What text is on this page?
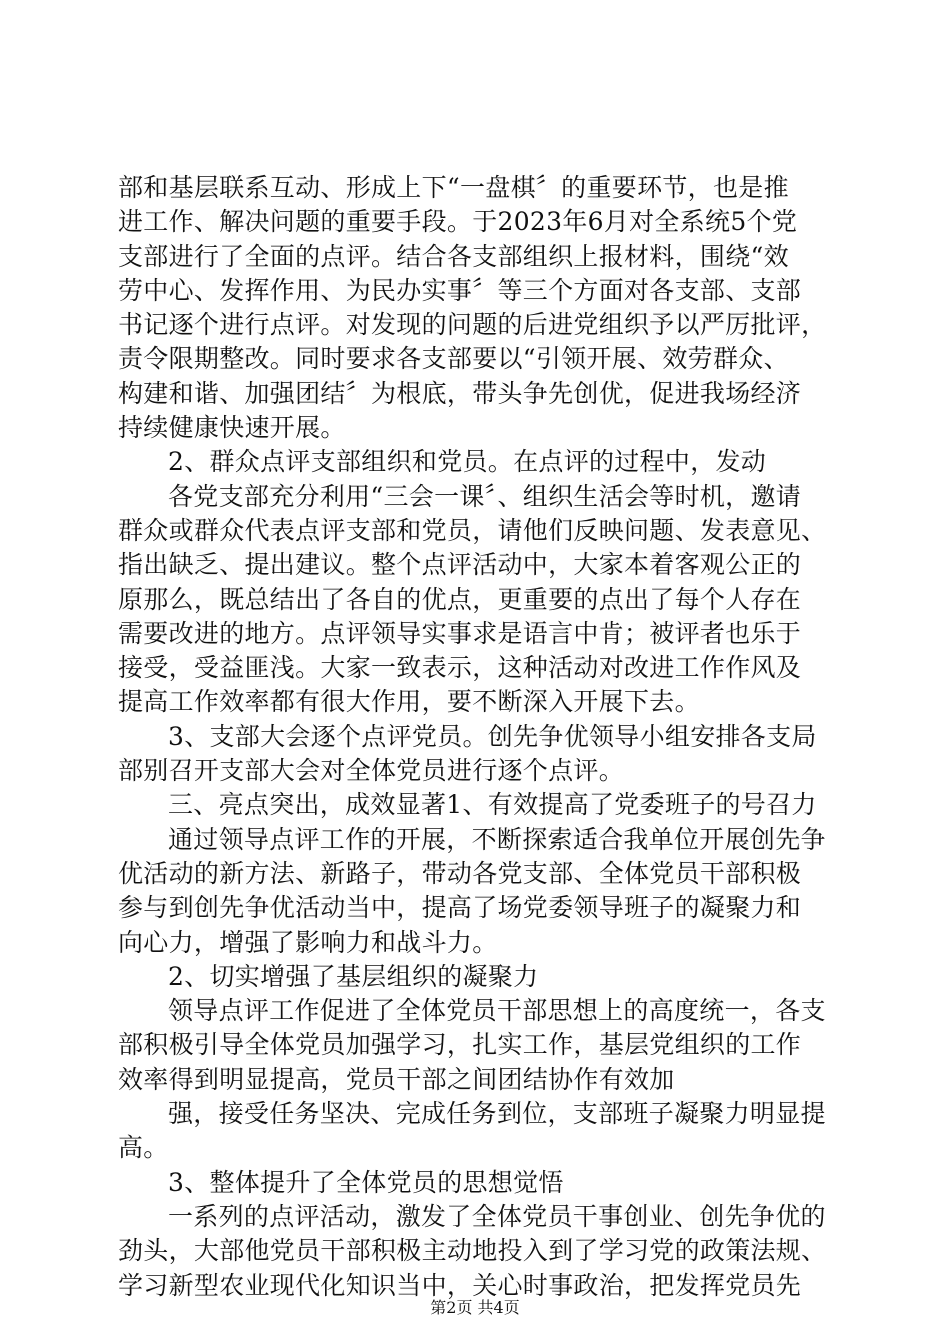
部和基层联系互动、形成上下“一盘棋〞的重要环节，也是推
进工作、解决问题的重要手段。于2023年6月对全系统5个党
支部进行了全面的点评。结合各支部组织上报材料，围绕“效
劳中心、发挥作用、为民办实事〞等三个方面对各支部、支部
书记逐个进行点评。对发现的问题的后进党组织予以严厉批评，
责令限期整改。同时要求各支部要以“引领开展、效劳群众、
构建和谐、加强团结〞为根底，带头争先创优，促进我场经济
持续健康快速开展。
2、群众点评支部组织和党员。在点评的过程中，发动
各党支部充分利用“三会一课〞、组织生活会等时机，邀请
群众或群众代表点评支部和党员，请他们反映问题、发表意见、
指出缺乏、提出建议。整个点评活动中，大家本着客观公正的
原那么，既总结出了各自的优点，更重要的点出了每个人存在
需要改进的地方。点评领导实事求是语言中肯；被评者也乐于
接受，受益匪浅。大家一致表示，这种活动对改进工作作风及
提高工作效率都有很大作用，要不断深入开展下去。
3、支部大会逐个点评党员。创先争优领导小组安排各支局
部别召开支部大会对全体党员进行逐个点评。
三、亮点突出，成效显著1、有效提高了党委班子的号召力
通过领导点评工作的开展，不断探索适合我单位开展创先争
优活动的新方法、新路子，带动各党支部、全体党员干部积极
参与到创先争优活动当中，提高了场党委领导班子的凝聚力和
向心力，增强了影响力和战斗力。
2、切实增强了基层组织的凝聚力
领导点评工作促进了全体党员干部思想上的高度统一，各支
部积极引导全体党员加强学习，扎实工作，基层党组织的工作
效率得到明显提高，党员干部之间团结协作有效加
强，接受任务坚决、完成任务到位，支部班子凝聚力明显提
高。
3、整体提升了全体党员的思想觉悟
一系列的点评活动，激发了全体党员干事创业、创先争优的
劲头，大部他党员干部积极主动地投入到了学习党的政策法规、
学习新型农业现代化知识当中，关心时事政治，把发挥党员先
第2页 共4页
